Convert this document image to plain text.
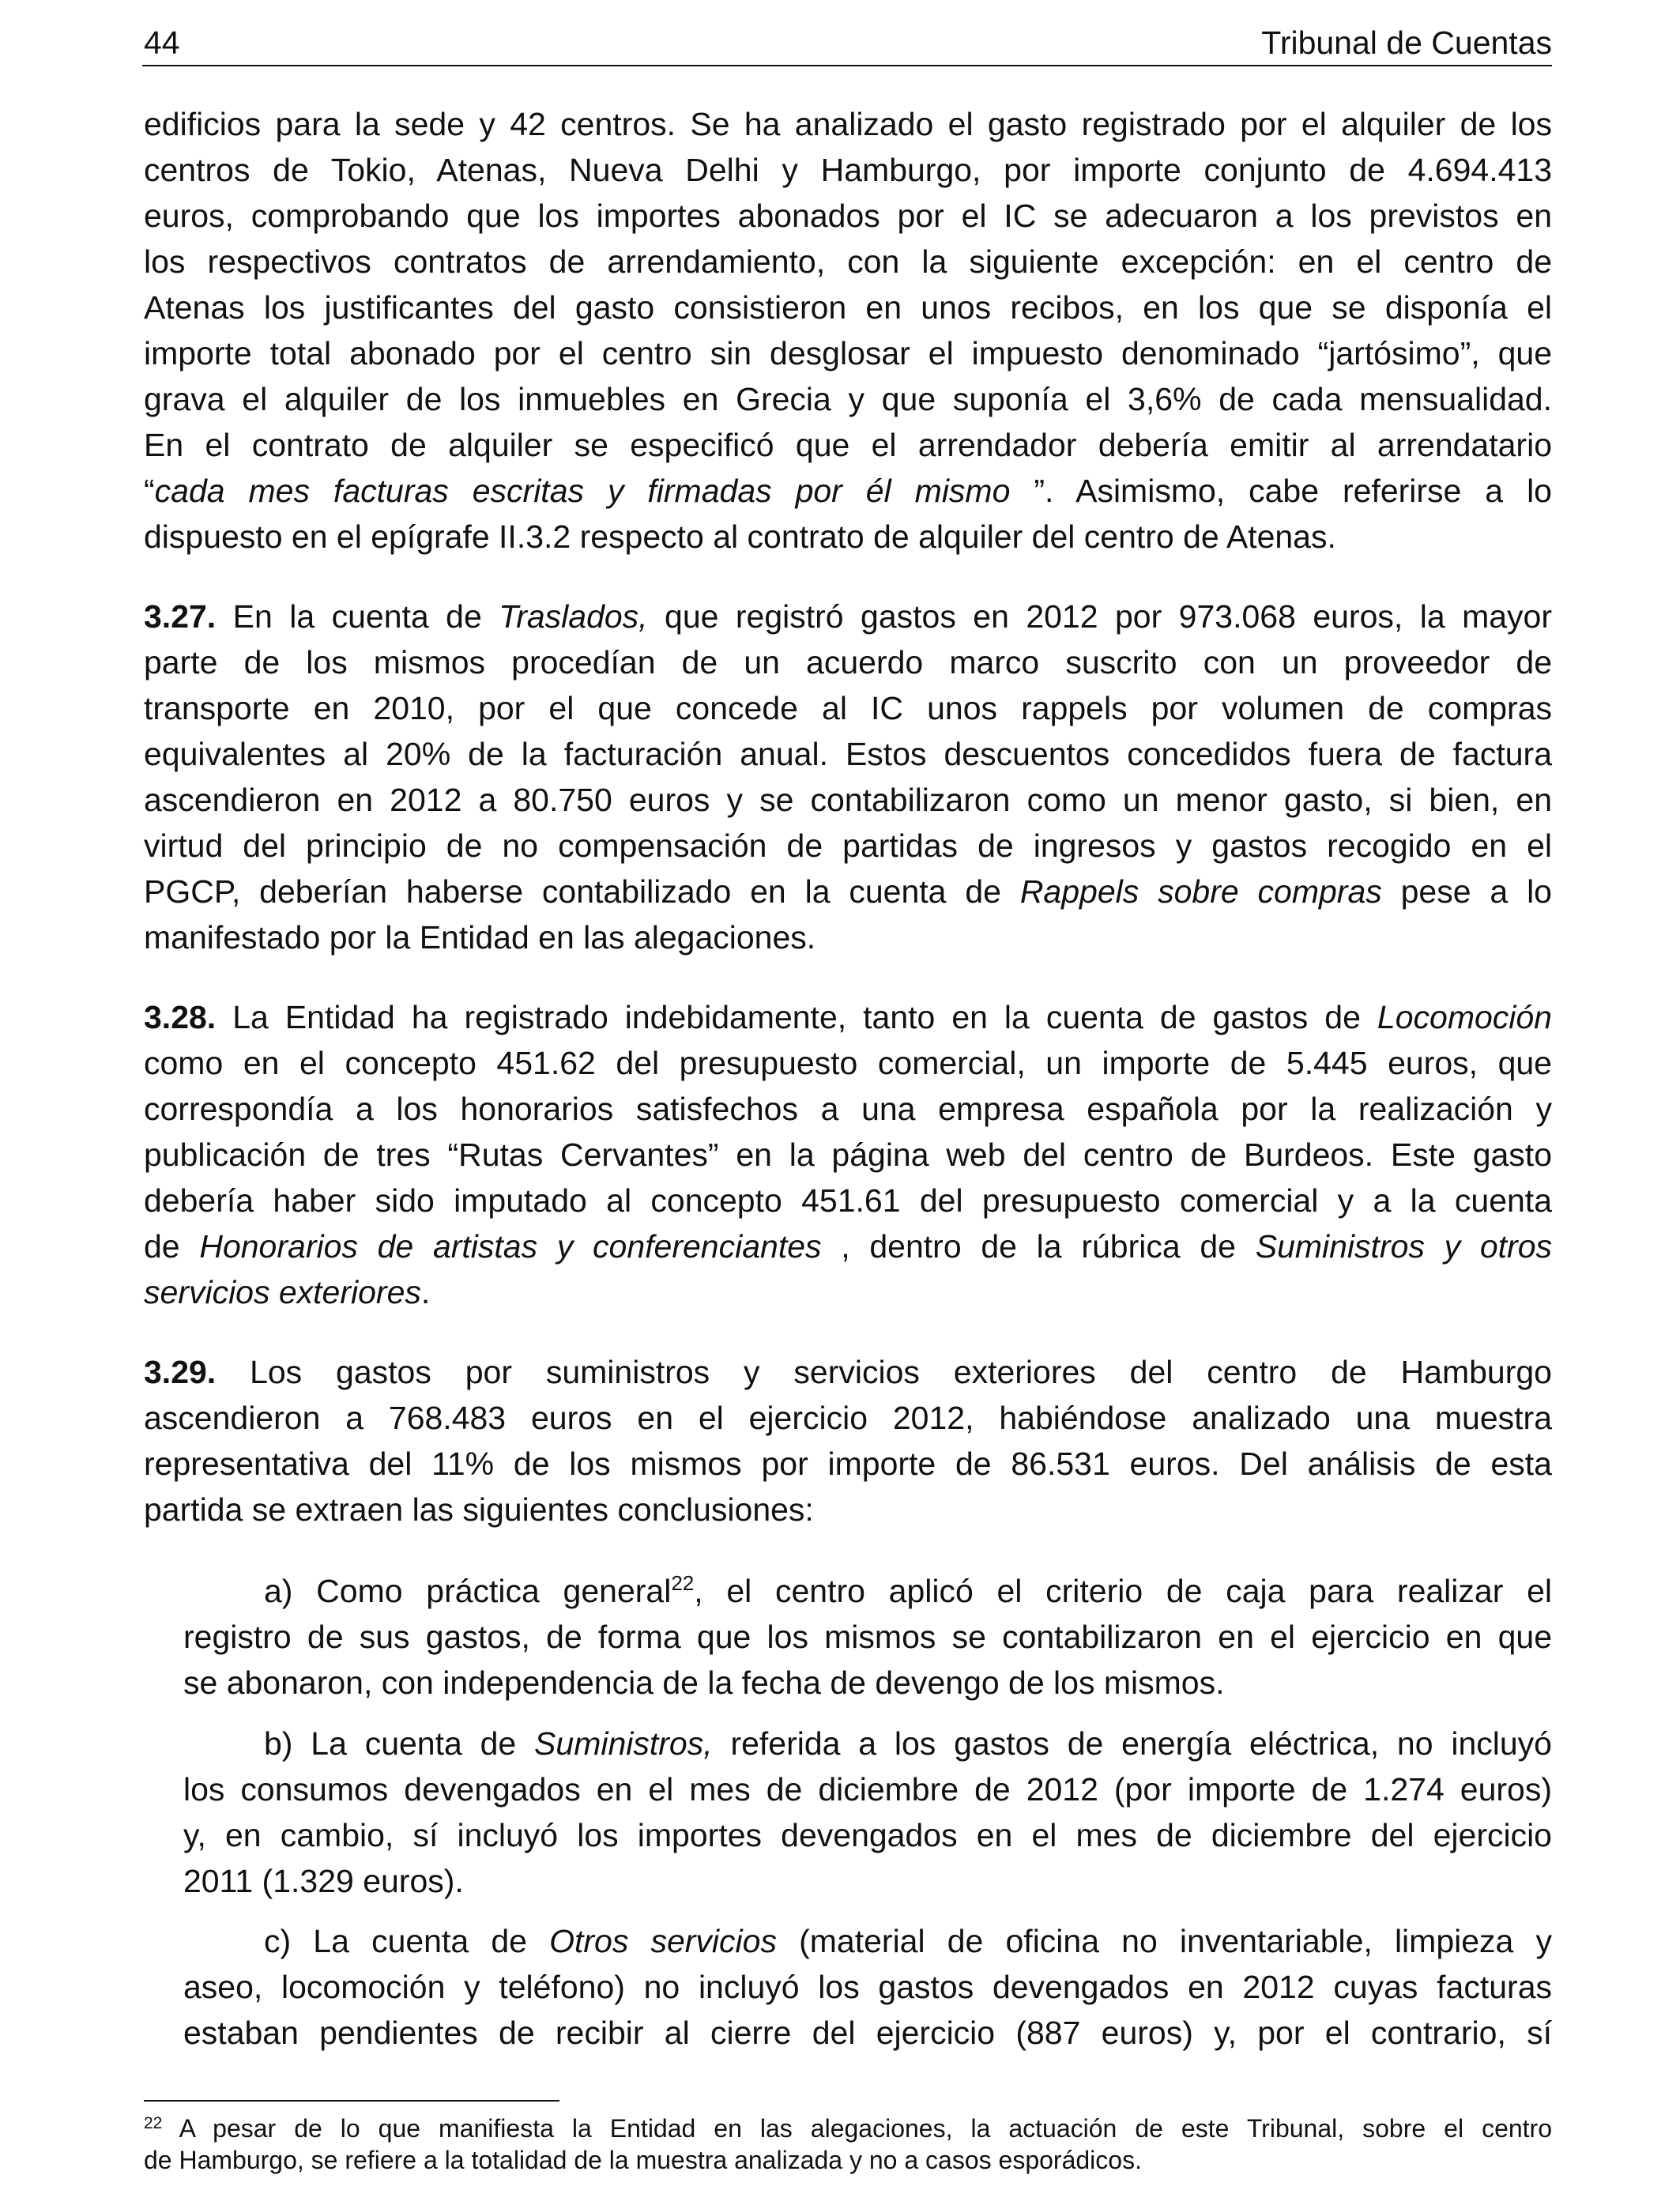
44	Tribunal de Cuentas
edificios para la sede y 42 centros. Se ha analizado el gasto registrado por el alquiler de los
centros de Tokio, Atenas, Nueva Delhi y Hamburgo, por importe conjunto de 4.694.413
euros, comprobando que los importes abonados por el IC se adecuaron a los previstos en
los respectivos contratos de arrendamiento, con la siguiente excepción: en el centro de
Atenas los justificantes del gasto consistieron en unos recibos, en los que se disponía el
importe total abonado por el centro sin desglosar el impuesto denominado “jartósimo”, que
grava el alquiler de los inmuebles en Grecia y que suponía el 3,6% de cada mensualidad.
En el contrato de alquiler se especificó que el arrendador debería emitir al arrendatario
“cada mes facturas escritas y firmadas por él mismo ”. Asimismo, cabe referirse a lo
dispuesto en el epígrafe II.3.2 respecto al contrato de alquiler del centro de Atenas.
3.27. En la cuenta de Traslados, que registró gastos en 2012 por 973.068 euros, la mayor
parte de los mismos procedían de un acuerdo marco suscrito con un proveedor de
transporte en 2010, por el que concede al IC unos rappels por volumen de compras
equivalentes al 20% de la facturación anual. Estos descuentos concedidos fuera de factura
ascendieron en 2012 a 80.750 euros y se contabilizaron como un menor gasto, si bien, en
virtud del principio de no compensación de partidas de ingresos y gastos recogido en el
PGCP, deberían haberse contabilizado en la cuenta de Rappels sobre compras pese a lo
manifestado por la Entidad en las alegaciones.
3.28. La Entidad ha registrado indebidamente, tanto en la cuenta de gastos de Locomoción
como en el concepto 451.62 del presupuesto comercial, un importe de 5.445 euros, que
correspondía a los honorarios satisfechos a una empresa española por la realización y
publicación de tres “Rutas Cervantes” en la página web del centro de Burdeos. Este gasto
debería haber sido imputado al concepto 451.61 del presupuesto comercial y a la cuenta
de Honorarios de artistas y conferenciantes , dentro de la rúbrica de Suministros y otros
servicios exteriores.
3.29. Los gastos por suministros y servicios exteriores del centro de Hamburgo
ascendieron a 768.483 euros en el ejercicio 2012, habiéndose analizado una muestra
representativa del 11% de los mismos por importe de 86.531 euros. Del análisis de esta
partida se extraen las siguientes conclusiones:
a) Como práctica general$^{22}$, el centro aplicó el criterio de caja para realizar el
registro de sus gastos, de forma que los mismos se contabilizaron en el ejercicio en que
se abonaron, con independencia de la fecha de devengo de los mismos.
b) La cuenta de Suministros, referida a los gastos de energía eléctrica, no incluyó
los consumos devengados en el mes de diciembre de 2012 (por importe de 1.274 euros)
y, en cambio, sí incluyó los importes devengados en el mes de diciembre del ejercicio
2011 (1.329 euros).
c) La cuenta de Otros servicios (material de oficina no inventariable, limpieza y
aseo, locomoción y teléfono) no incluyó los gastos devengados en 2012 cuyas facturas
estaban pendientes de recibir al cierre del ejercicio (887 euros) y, por el contrario, sí
$^{22}$ A pesar de lo que manifiesta la Entidad en las alegaciones, la actuación de este Tribunal, sobre el centro
de Hamburgo, se refiere a la totalidad de la muestra analizada y no a casos esporádicos.
